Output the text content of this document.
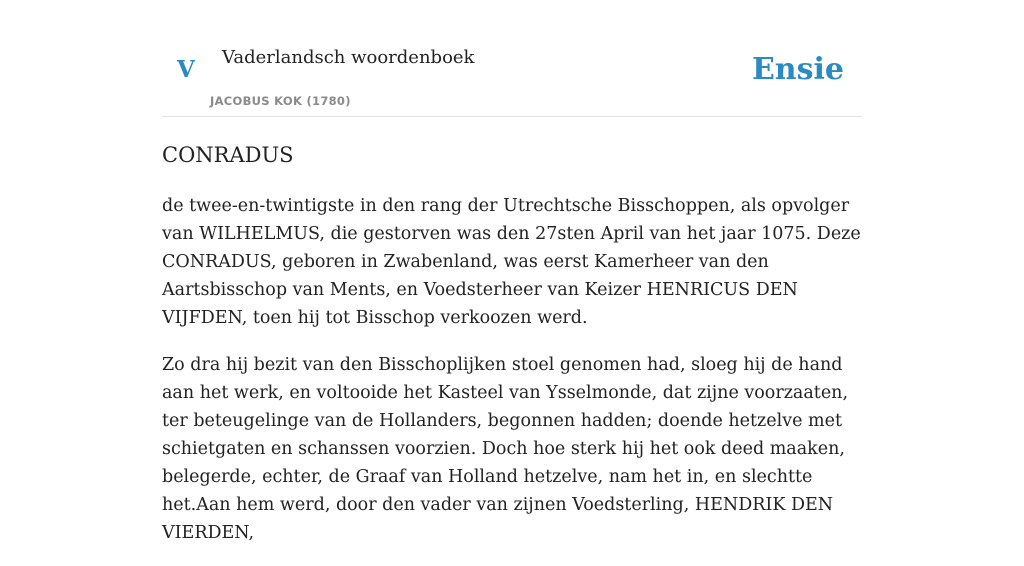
V Vaderlandsch woordenboek
JACOBUS KOK (1780)
Ensie
CONRADUS

de twee-en-twintigste in den rang der Utrechtsche Bisschoppen, als opvolger van WILHELMUS, die gestorven was den 27sten April van het jaar 1075. Deze CONRADUS, geboren in Zwabenland, was eerst Kamerheer van den Aartsbisschop van Ments, en Voedsterheer van Keizer HENRICUS DEN VIJFDEN, toen hij tot Bisschop verkoozen werd.

Zo dra hij bezit van den Bisschoplijken stoel genomen had, sloeg hij de hand aan het werk, en voltooide het Kasteel van Ysselmonde, dat zijne voorzaaten, ter beteugelinge van de Hollanders, begonnen hadden; doende hetzelve met schietgaten en schanssen voorzien. Doch hoe sterk hij het ook deed maaken, belegerde, echter, de Graaf van Holland hetzelve, nam het in, en slechtte het.Aan hem werd, door den vader van zijnen Voedsterling, HENDRIK DEN VIERDEN,
